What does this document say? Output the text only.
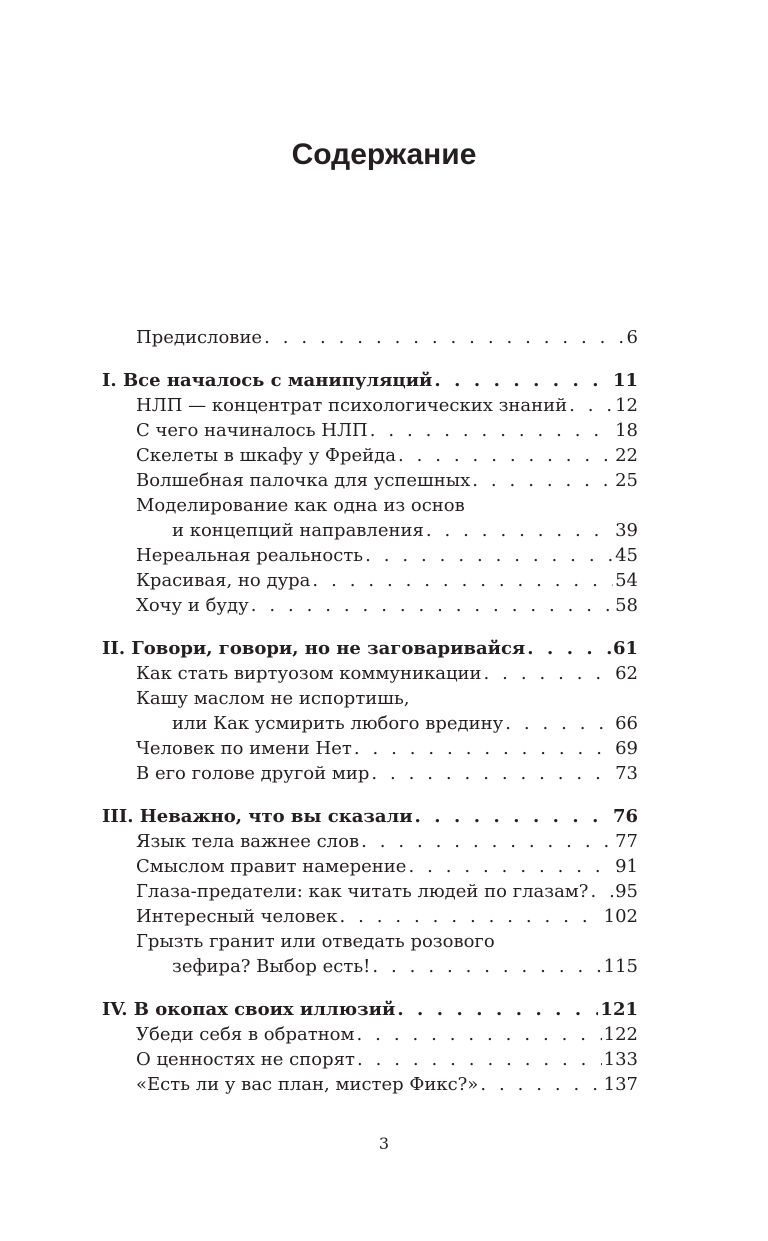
Содержание
Предисловие . . .	6
I. Все началось с манипуляций . . .	11
НЛП — концентрат психологических знаний . . .	12
С чего начиналось НЛП . . .	18
Скелеты в шкафу у Фрейда . . .	22
Волшебная палочка для успешных . . .	25
Моделирование как одна из основ
и концепций направления . . .	39
Нереальная реальность . . .	45
Красивая, но дура . . .	54
Хочу и буду . . .	58
II. Говори, говори, но не заговаривайся . . .	61
Как стать виртуозом коммуникации . . .	62
Кашу маслом не испортишь,
или Как усмирить любого вредину . . .	66
Человек по имени Нет . . .	69
В его голове другой мир . . .	73
III. Неважно, что вы сказали . . .	76
Язык тела важнее слов . . .	77
Смыслом правит намерение . . .	91
Глаза-предатели: как читать людей по глазам? . . . 95
Интересный человек . . .	102
Грызть гранит или отведать розового
зефира? Выбор есть! . . .	115
IV. В окопах своих иллюзий . . .	121
Убеди себя в обратном . . .	122
О ценностях не спорят . . .	133
«Есть ли у вас план, мистер Фикс?» . . .	137
3
